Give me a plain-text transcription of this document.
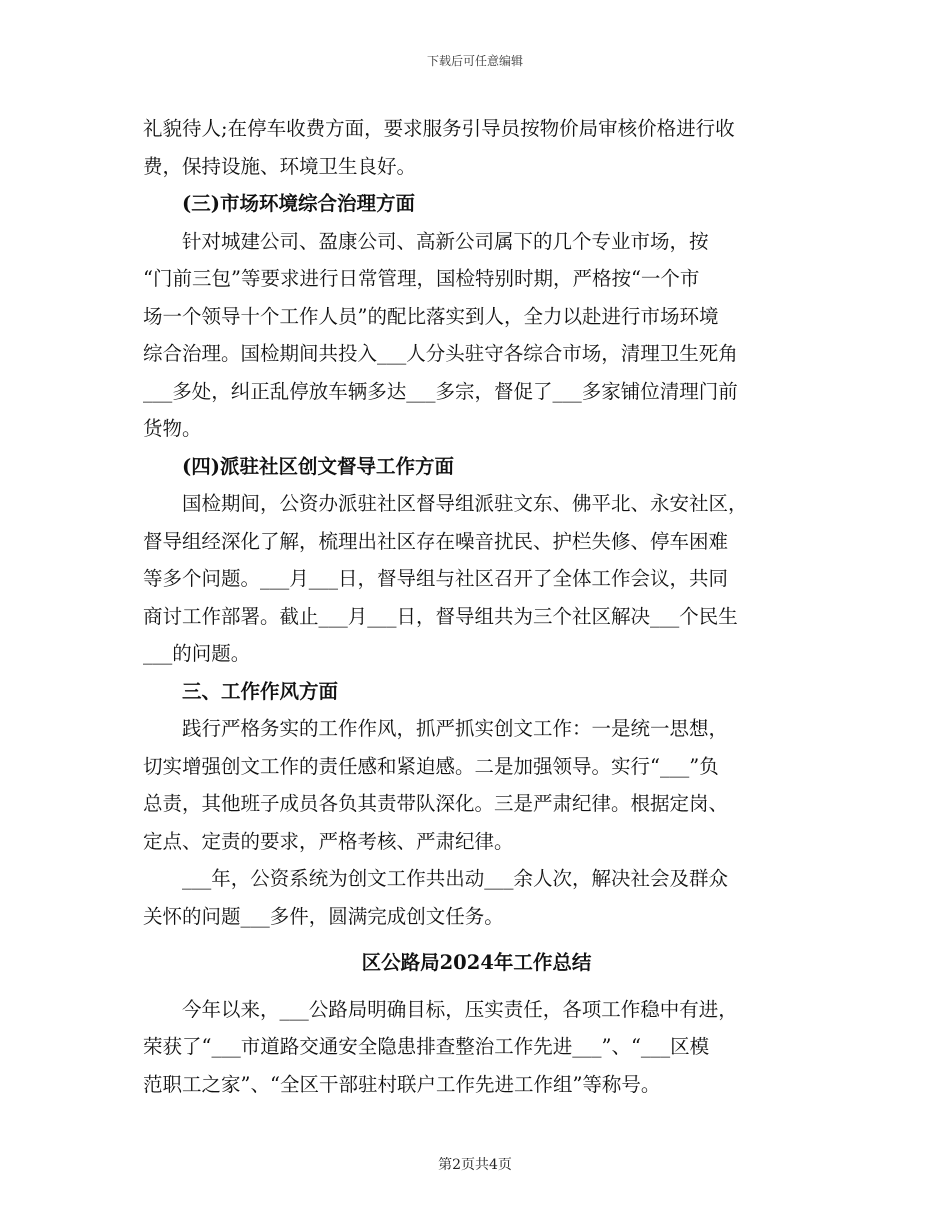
下载后可任意编辑

礼貌待人;在停车收费方面，要求服务引导员按物价局审核价格进行收

费，保持设施、环境卫生良好。

　　(三)市场环境综合治理方面

　　针对城建公司、盈康公司、高新公司属下的几个专业市场，按

“门前三包”等要求进行日常管理，国检特别时期，严格按“一个市

场一个领导十个工作人员”的配比落实到人，全力以赴进行市场环境

综合治理。国检期间共投入___人分头驻守各综合市场，清理卫生死角

___多处，纠正乱停放车辆多达___多宗，督促了___多家铺位清理门前

货物。

　　(四)派驻社区创文督导工作方面

　　国检期间，公资办派驻社区督导组派驻文东、佛平北、永安社区，

督导组经深化了解，梳理出社区存在噪音扰民、护栏失修、停车困难

等多个问题。___月___日，督导组与社区召开了全体工作会议，共同

商讨工作部署。截止___月___日，督导组共为三个社区解决___个民生

___的问题。

　　三、工作作风方面

　　践行严格务实的工作作风，抓严抓实创文工作：一是统一思想，

切实增强创文工作的责任感和紧迫感。二是加强领导。实行“___”负

总责，其他班子成员各负其责带队深化。三是严肃纪律。根据定岗、

定点、定责的要求，严格考核、严肃纪律。

　　___年，公资系统为创文工作共出动___余人次，解决社会及群众

关怀的问题___多件，圆满完成创文任务。

区公路局2024年工作总结

　　今年以来，___公路局明确目标，压实责任，各项工作稳中有进，

荣获了“___市道路交通安全隐患排查整治工作先进___”、“___区模

范职工之家”、“全区干部驻村联户工作先进工作组”等称号。

第2页共4页
